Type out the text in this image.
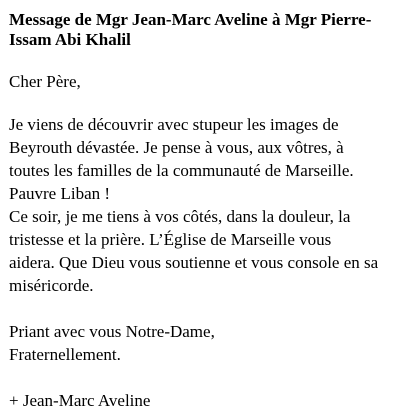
Message de Mgr Jean-Marc Aveline à Mgr Pierre-
Issam Abi Khalil
Cher Père,
Je viens de découvrir avec stupeur les images de
Beyrouth dévastée. Je pense à vous, aux vôtres, à
toutes les familles de la communauté de Marseille.
Pauvre Liban !
Ce soir, je me tiens à vos côtés, dans la douleur, la
tristesse et la prière. L’Église de Marseille vous
aidera. Que Dieu vous soutienne et vous console en sa
miséricorde.
Priant avec vous Notre-Dame,
Fraternellement.
+ Jean-Marc Aveline
